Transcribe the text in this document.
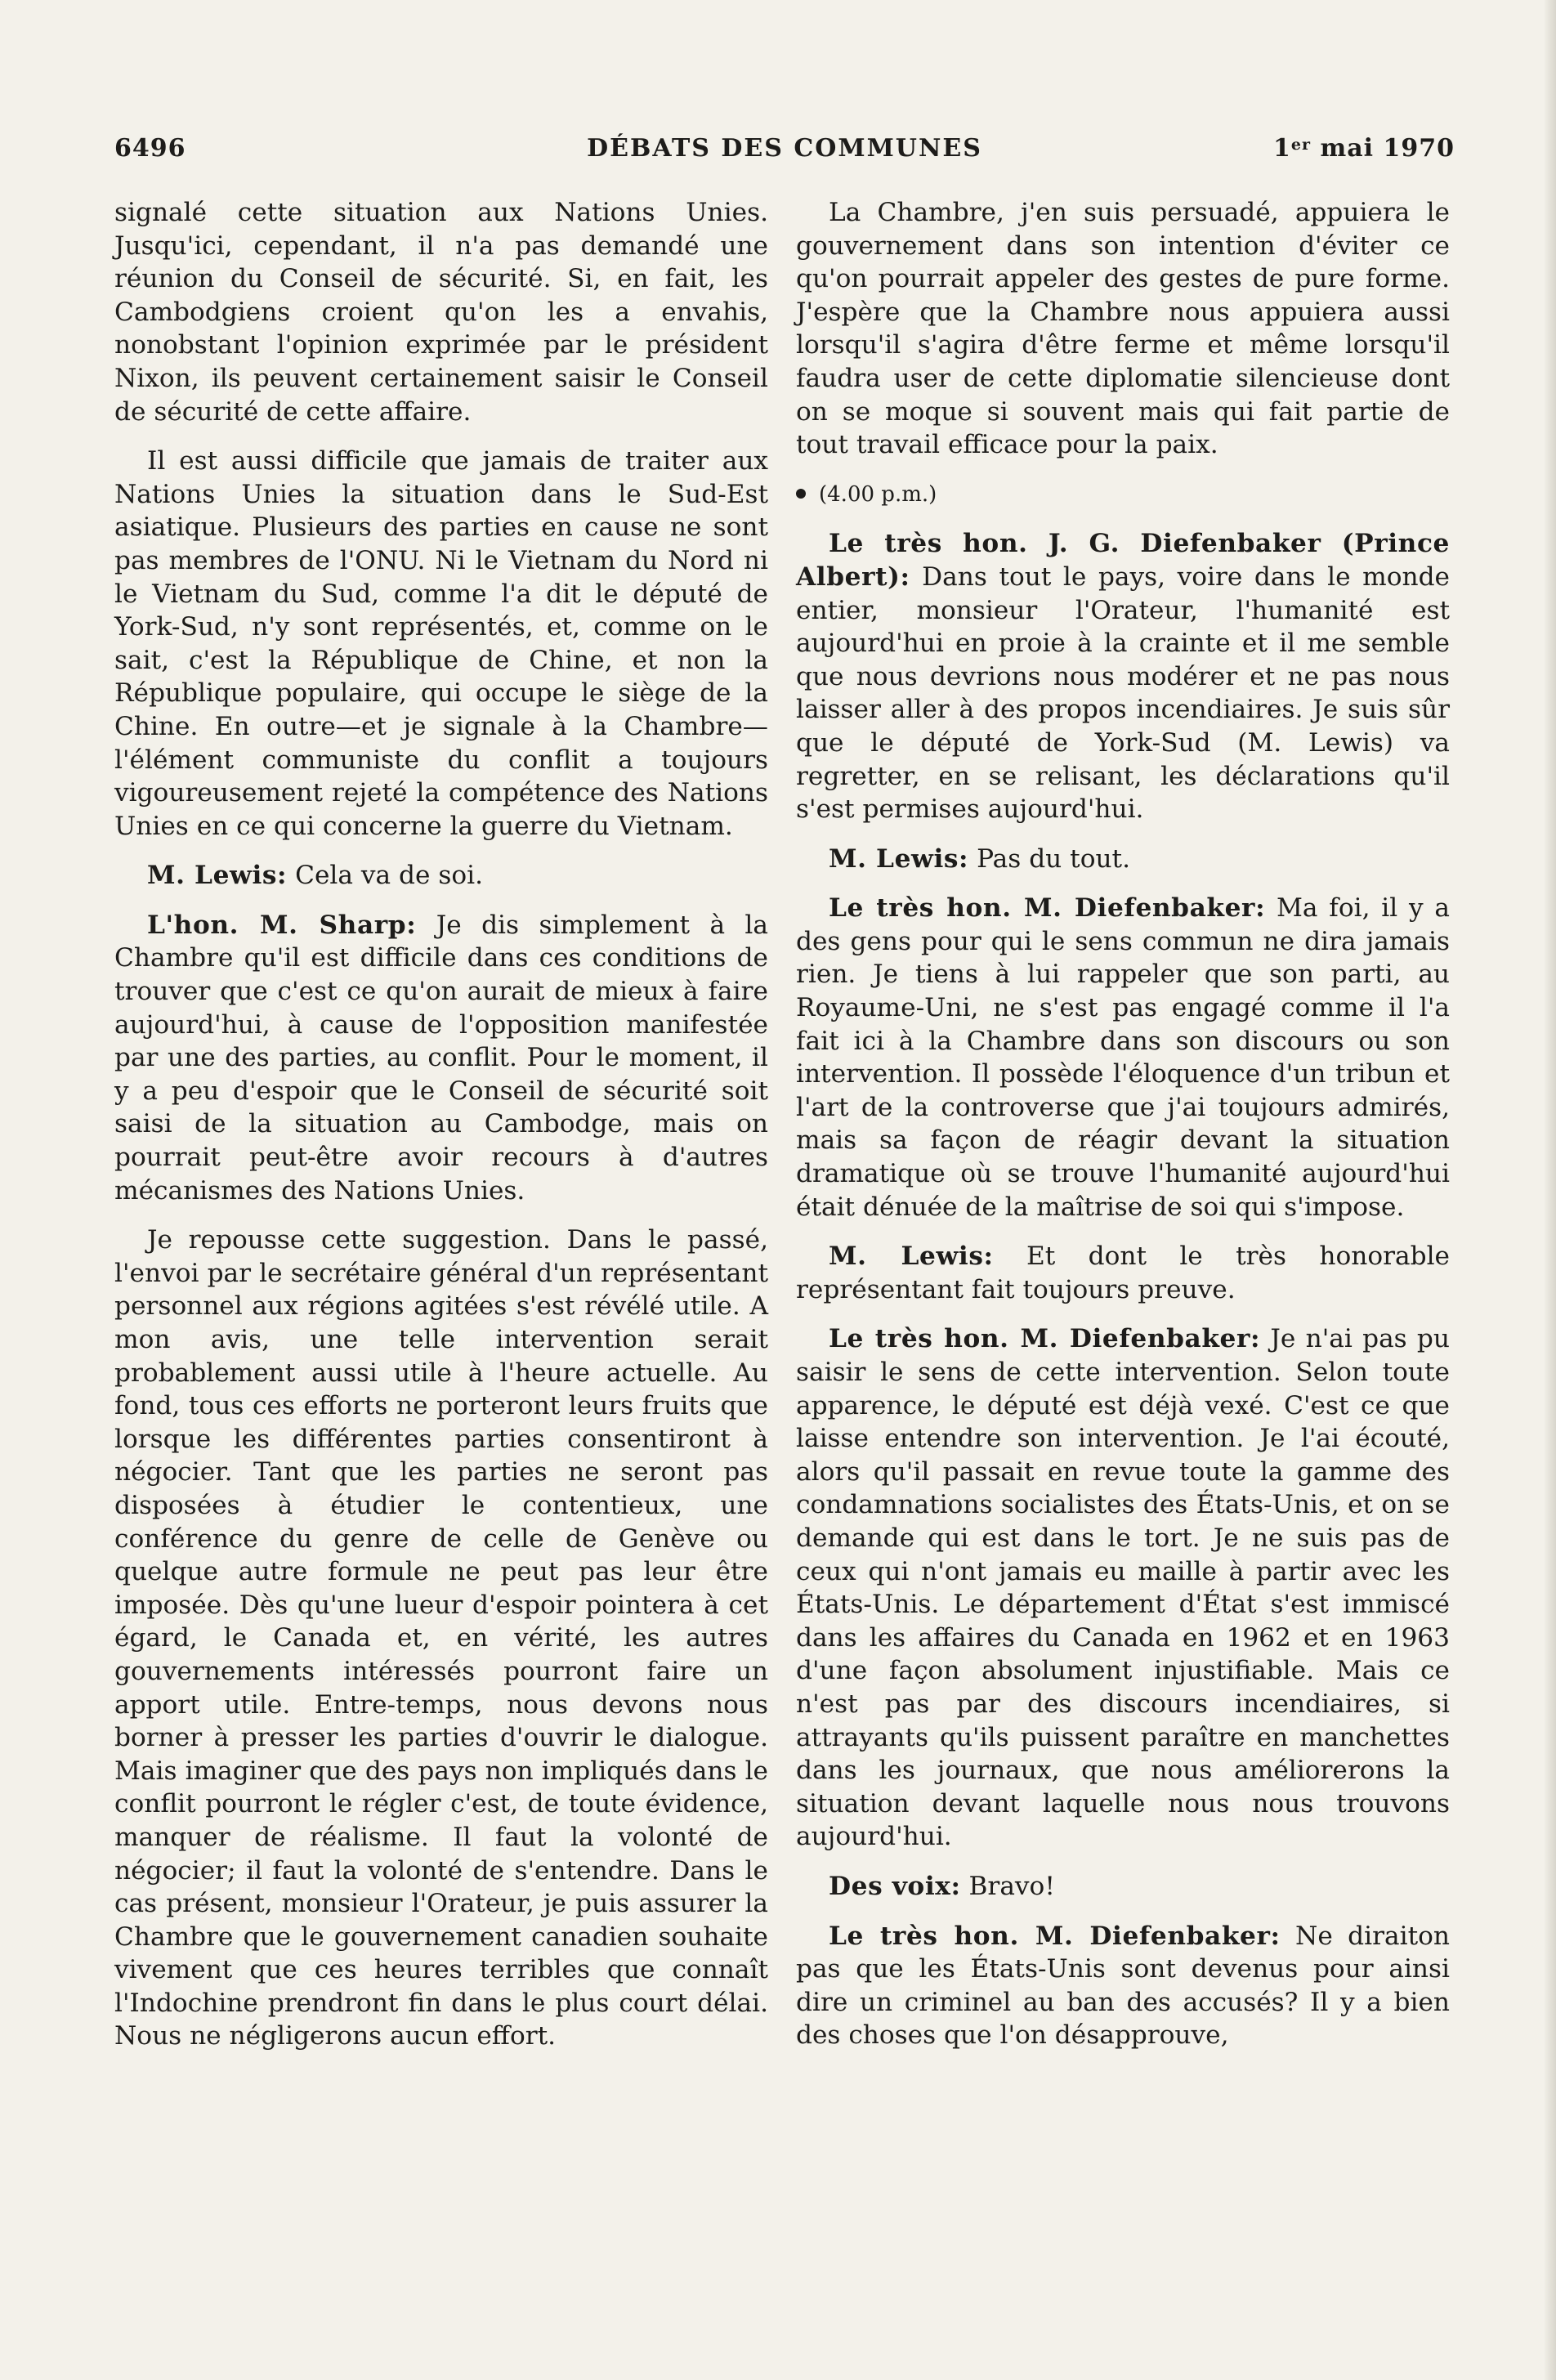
6496	DÉBATS DES COMMUNES	1er mai 1970

signalé cette situation aux Nations Unies. Jusqu'ici, cependant, il n'a pas demandé une réunion du Conseil de sécurité. Si, en fait, les Cambodgiens croient qu'on les a envahis, nonobstant l'opinion exprimée par le président Nixon, ils peuvent certainement saisir le Conseil de sécurité de cette affaire.

Il est aussi difficile que jamais de traiter aux Nations Unies la situation dans le Sud-Est asiatique. Plusieurs des parties en cause ne sont pas membres de l'ONU. Ni le Vietnam du Nord ni le Vietnam du Sud, comme l'a dit le député de York-Sud, n'y sont représentés, et, comme on le sait, c'est la République de Chine, et non la République populaire, qui occupe le siège de la Chine. En outre—et je signale à la Chambre—l'élément communiste du conflit a toujours vigoureusement rejeté la compétence des Nations Unies en ce qui concerne la guerre du Vietnam.

M. Lewis: Cela va de soi.

L'hon. M. Sharp: Je dis simplement à la Chambre qu'il est difficile dans ces conditions de trouver que c'est ce qu'on aurait de mieux à faire aujourd'hui, à cause de l'opposition manifestée par une des parties, au conflit. Pour le moment, il y a peu d'espoir que le Conseil de sécurité soit saisi de la situation au Cambodge, mais on pourrait peut-être avoir recours à d'autres mécanismes des Nations Unies.

Je repousse cette suggestion. Dans le passé, l'envoi par le secrétaire général d'un représentant personnel aux régions agitées s'est révélé utile. A mon avis, une telle intervention serait probablement aussi utile à l'heure actuelle. Au fond, tous ces efforts ne porteront leurs fruits que lorsque les différentes parties consentiront à négocier. Tant que les parties ne seront pas disposées à étudier le contentieux, une conférence du genre de celle de Genève ou quelque autre formule ne peut pas leur être imposée. Dès qu'une lueur d'espoir pointera à cet égard, le Canada et, en vérité, les autres gouvernements intéressés pourront faire un apport utile. Entre-temps, nous devons nous borner à presser les parties d'ouvrir le dialogue. Mais imaginer que des pays non impliqués dans le conflit pourront le régler c'est, de toute évidence, manquer de réalisme. Il faut la volonté de négocier; il faut la volonté de s'entendre. Dans le cas présent, monsieur l'Orateur, je puis assurer la Chambre que le gouvernement canadien souhaite vivement que ces heures terribles que connaît l'Indochine prendront fin dans le plus court délai. Nous ne négligerons aucun effort.

La Chambre, j'en suis persuadé, appuiera le gouvernement dans son intention d'éviter ce qu'on pourrait appeler des gestes de pure forme. J'espère que la Chambre nous appuiera aussi lorsqu'il s'agira d'être ferme et même lorsqu'il faudra user de cette diplomatie silencieuse dont on se moque si souvent mais qui fait partie de tout travail efficace pour la paix.

(4.00 p.m.)

Le très hon. J. G. Diefenbaker (Prince Albert): Dans tout le pays, voire dans le monde entier, monsieur l'Orateur, l'humanité est aujourd'hui en proie à la crainte et il me semble que nous devrions nous modérer et ne pas nous laisser aller à des propos incendiaires. Je suis sûr que le député de York-Sud (M. Lewis) va regretter, en se relisant, les déclarations qu'il s'est permises aujourd'hui.

M. Lewis: Pas du tout.

Le très hon. M. Diefenbaker: Ma foi, il y a des gens pour qui le sens commun ne dira jamais rien. Je tiens à lui rappeler que son parti, au Royaume-Uni, ne s'est pas engagé comme il l'a fait ici à la Chambre dans son discours ou son intervention. Il possède l'éloquence d'un tribun et l'art de la controverse que j'ai toujours admirés, mais sa façon de réagir devant la situation dramatique où se trouve l'humanité aujourd'hui était dénuée de la maîtrise de soi qui s'impose.

M. Lewis: Et dont le très honorable représentant fait toujours preuve.

Le très hon. M. Diefenbaker: Je n'ai pas pu saisir le sens de cette intervention. Selon toute apparence, le député est déjà vexé. C'est ce que laisse entendre son intervention. Je l'ai écouté, alors qu'il passait en revue toute la gamme des condamnations socialistes des États-Unis, et on se demande qui est dans le tort. Je ne suis pas de ceux qui n'ont jamais eu maille à partir avec les États-Unis. Le département d'État s'est immiscé dans les affaires du Canada en 1962 et en 1963 d'une façon absolument injustifiable. Mais ce n'est pas par des discours incendiaires, si attrayants qu'ils puissent paraître en manchettes dans les journaux, que nous améliorerons la situation devant laquelle nous nous trouvons aujourd'hui.

Des voix: Bravo!

Le très hon. M. Diefenbaker: Ne diraiton pas que les États-Unis sont devenus pour ainsi dire un criminel au ban des accusés? Il y a bien des choses que l'on désapprouve,
